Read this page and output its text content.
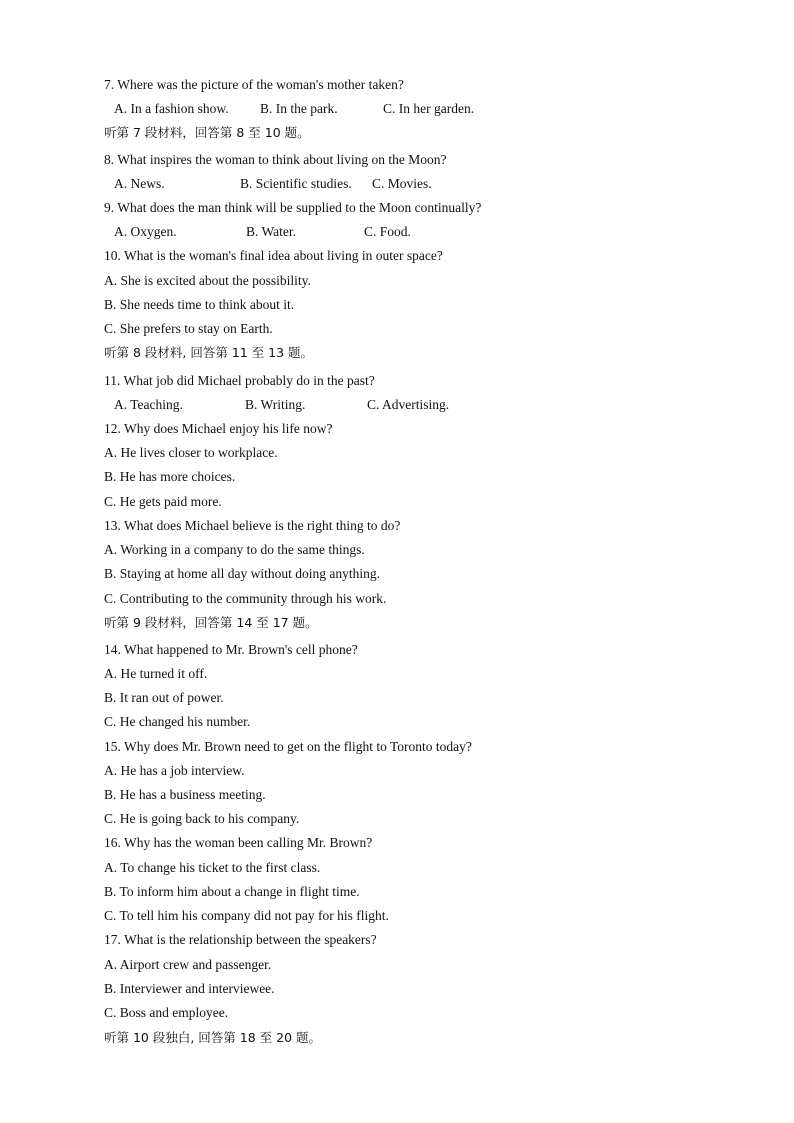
7. Where was the picture of the woman's mother taken?
A. In a fashion show. B. In the park.	C. In her garden.
听第 7 段材料，回答第 8 至 10 题。
8. What inspires the woman to think about living on the Moon?
A. News.	B. Scientific studies. C. Movies.
9. What does the man think will be supplied to the Moon continually?
A. Oxygen.	B. Water.	C. Food.
10. What is the woman's final idea about living in outer space?
A. She is excited about the possibility.
B. She needs time to think about it.
C. She prefers to stay on Earth.
听第 8 段材料, 回答第 11 至 13 题。
11. What job did Michael probably do in the past?
A. Teaching.	B. Writing.	C. Advertising.
12. Why does Michael enjoy his life now?
A. He lives closer to workplace.
B. He has more choices.
C. He gets paid more.
13. What does Michael believe is the right thing to do?
A. Working in a company to do the same things.
B. Staying at home all day without doing anything.
C. Contributing to the community through his work.
听第 9 段材料，回答第 14 至 17 题。
14. What happened to Mr. Brown's cell phone?
A. He turned it off.
B. It ran out of power.
C. He changed his number.
15. Why does Mr. Brown need to get on the flight to Toronto today?
A. He has a job interview.
B. He has a business meeting.
C. He is going back to his company.
16. Why has the woman been calling Mr. Brown?
A. To change his ticket to the first class.
B. To inform him about a change in flight time.
C. To tell him his company did not pay for his flight.
17. What is the relationship between the speakers?
A. Airport crew and passenger.
B. Interviewer and interviewee.
C. Boss and employee.
听第 10 段独白, 回答第 18 至 20 题。
